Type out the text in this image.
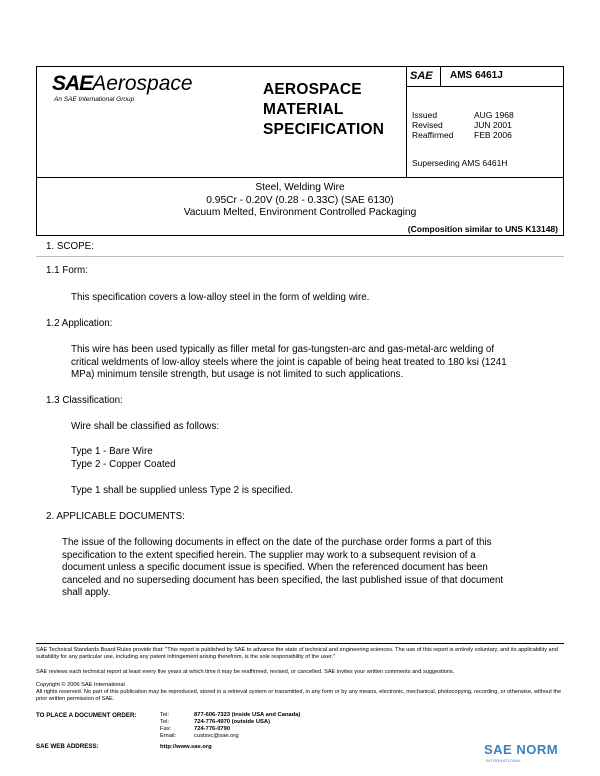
SAEAerospace
An SAE International Group
AEROSPACE
MATERIAL
SPECIFICATION
SAE AMS 6461J
Issued	AUG 1968
Revised	JUN 2001
Reaffirmed	FEB 2006
Superseding AMS 6461H
Steel, Welding Wire
0.95Cr - 0.20V (0.28 - 0.33C) (SAE 6130)
Vacuum Melted, Environment Controlled Packaging
(Composition similar to UNS K13148)
1. SCOPE:
1.1 Form:
This specification covers a low-alloy steel in the form of welding wire.
1.2 Application:
This wire has been used typically as filler metal for gas-tungsten-arc and gas-metal-arc welding of
critical weldments of low-alloy steels where the joint is capable of being heat treated to 180 ksi (1241
MPa) minimum tensile strength, but usage is not limited to such applications.
1.3 Classification:
Wire shall be classified as follows:
Type 1 - Bare Wire
Type 2 - Copper Coated
Type 1 shall be supplied unless Type 2 is specified.
2. APPLICABLE DOCUMENTS:
The issue of the following documents in effect on the date of the purchase order forms a part of this
specification to the extent specified herein. The supplier may work to a subsequent revision of a
document unless a specific document issue is specified. When the referenced document has been
canceled and no superseding document has been specified, the last published issue of that document
shall apply.
SAE Technical Standards Board Rules provide that: "This report is published by SAE to advance the state of technical and engineering sciences. The use of this report is entirely voluntary, and its applicability and suitability for any particular use, including any patent infringement arising therefrom, is the sole responsibility of the user."
SAE reviews each technical report at least every five years at which time it may be reaffirmed, revised, or cancelled. SAE invites your written comments and suggestions.
Copyright © 2006 SAE International
All rights reserved. No part of this publication may be reproduced, stored in a retrieval system or transmitted, in any form or by any means, electronic, mechanical, photocopying, recording, or otherwise, without the prior written permission of SAE.
TO PLACE A DOCUMENT ORDER:	Tel:	877-606-7323 (inside USA and Canada)
Tel:	724-776-4970 (outside USA)
Fax:	724-776-0790
Email:	custsvc@sae.org
SAE WEB ADDRESS:	http://www.sae.org	SAE NORM
INTERNATIONAL
